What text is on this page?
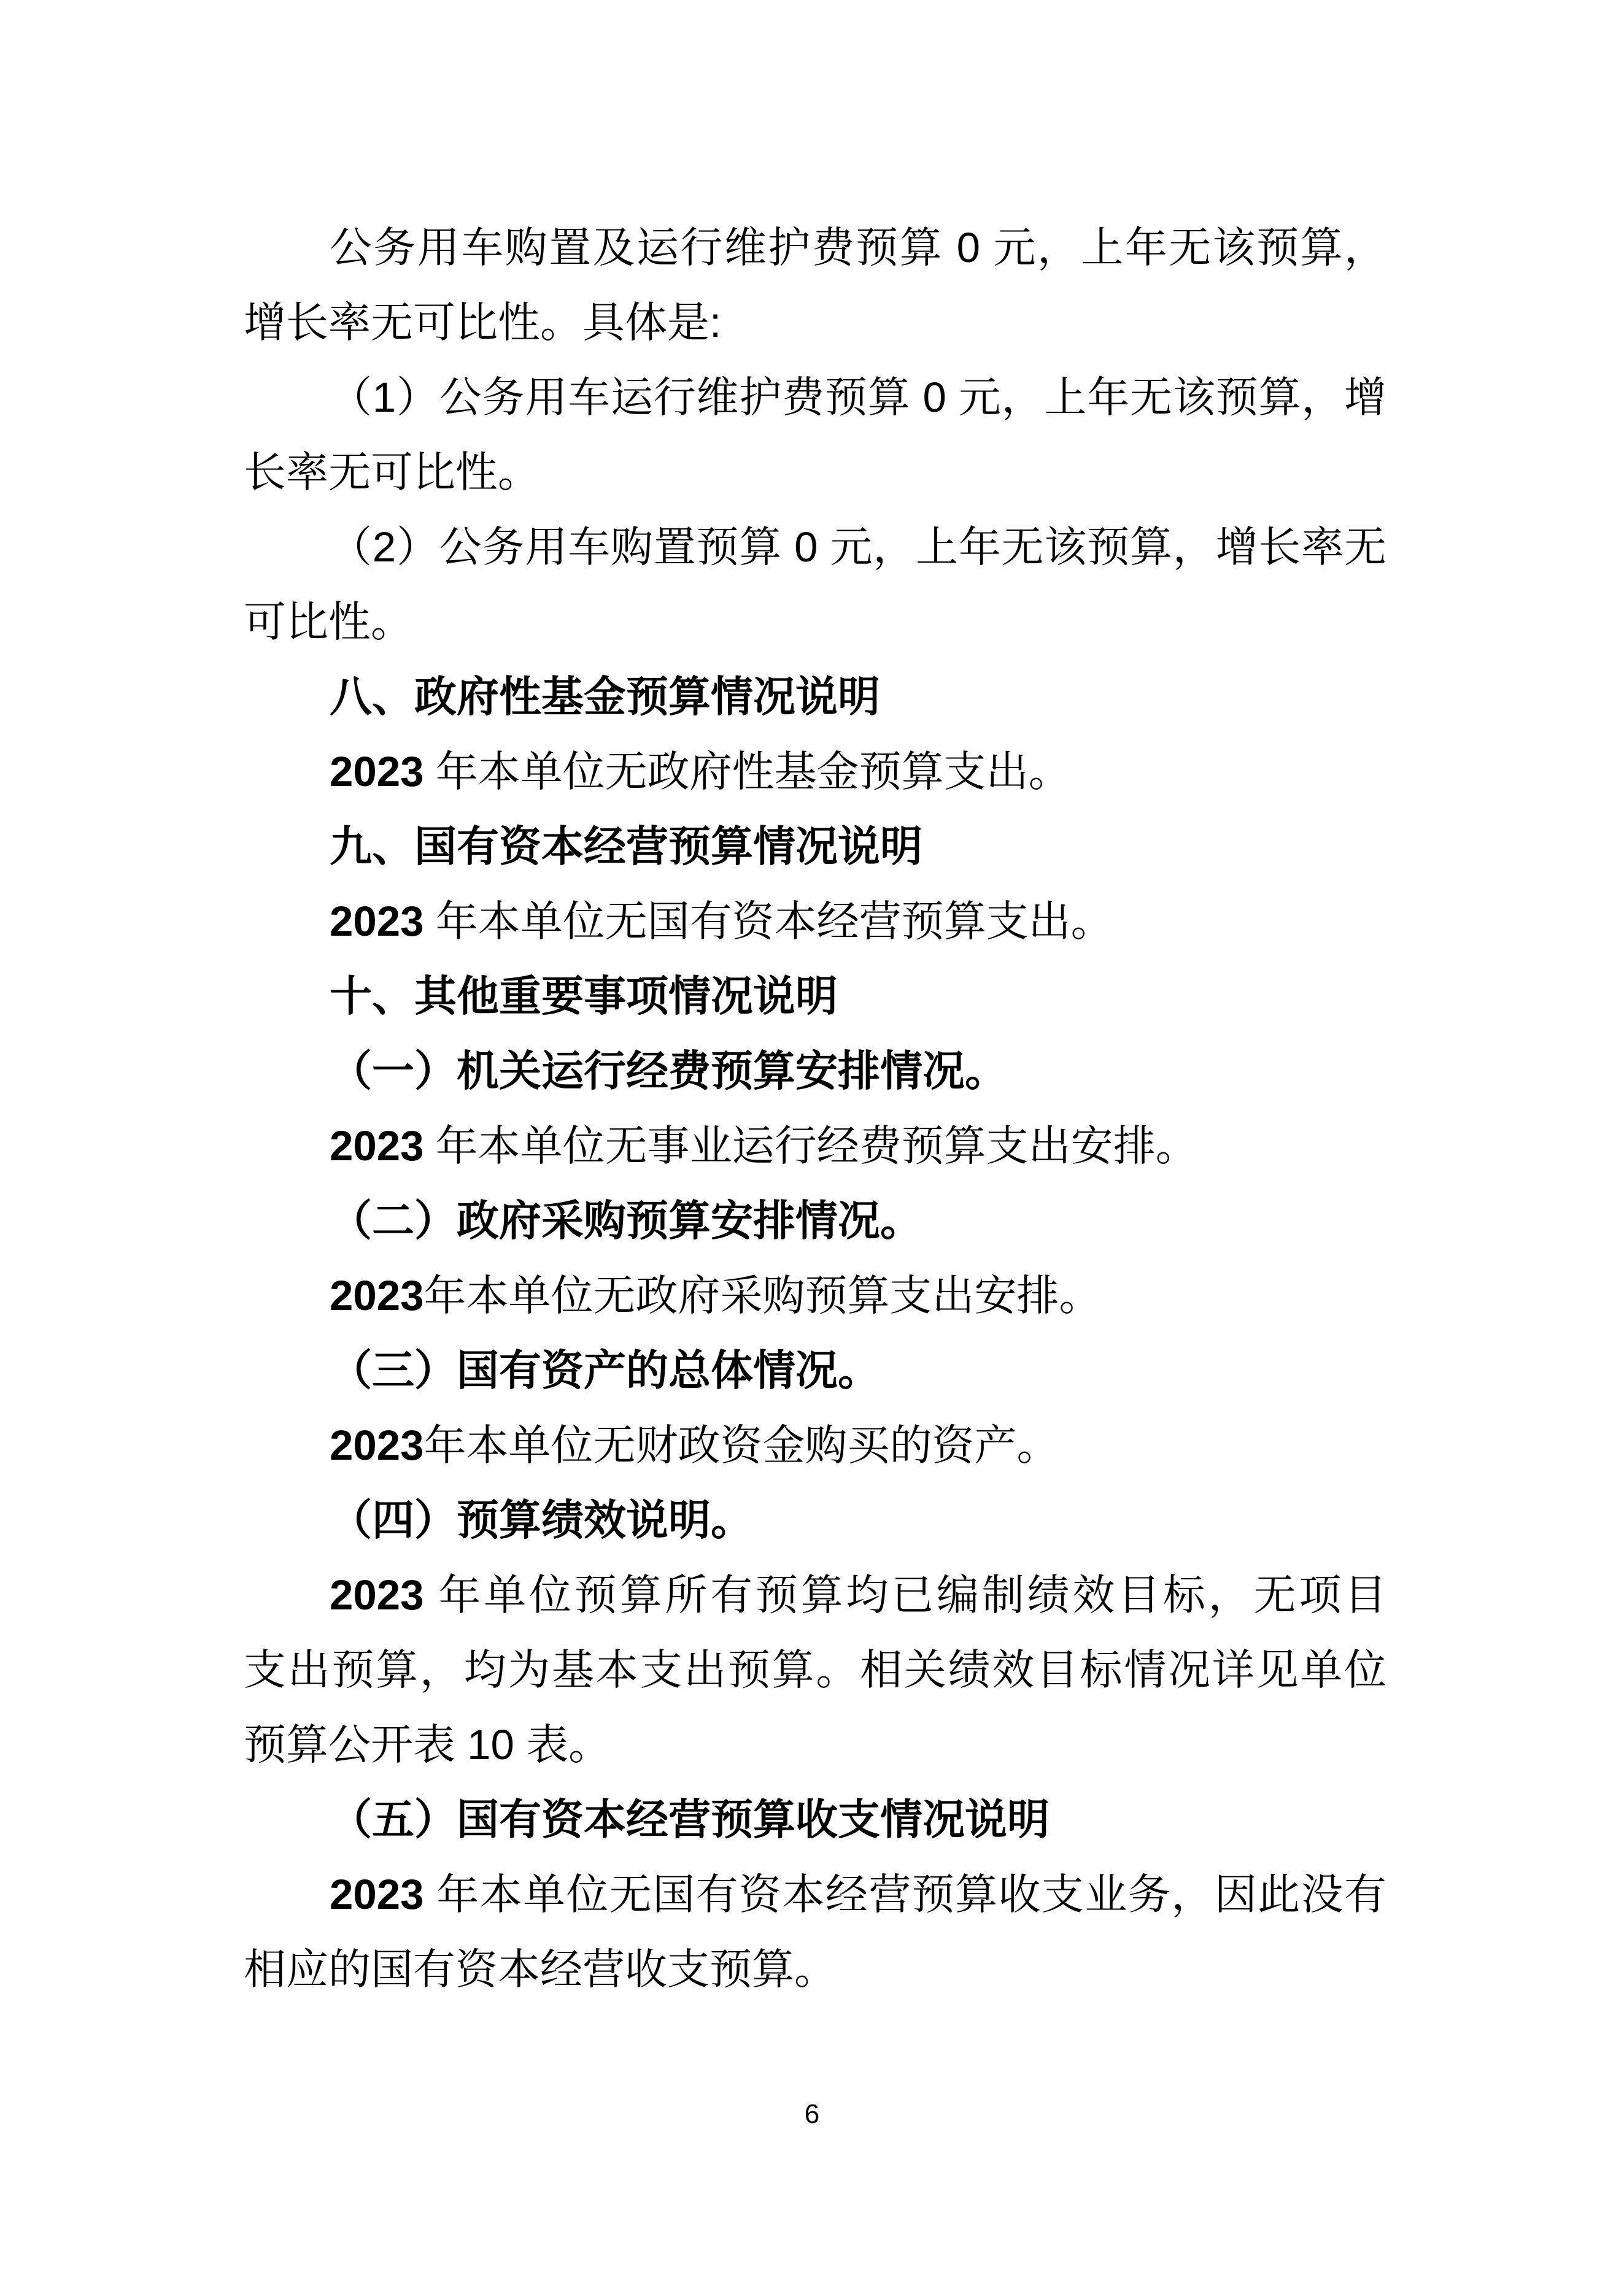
公务用车购置及运行维护费预算 0 元，上年无该预算，
增长率无可比性。具体是:
（1）公务用车运行维护费预算 0 元，上年无该预算，增
长率无可比性。
（2）公务用车购置预算 0 元，上年无该预算，增长率无
可比性。
八、政府性基金预算情况说明
2023 年本单位无政府性基金预算支出。
九、国有资本经营预算情况说明
2023 年本单位无国有资本经营预算支出。
十、其他重要事项情况说明
（一）机关运行经费预算安排情况。
2023 年本单位无事业运行经费预算支出安排。
（二）政府采购预算安排情况。
2023年本单位无政府采购预算支出安排。
（三）国有资产的总体情况。
2023年本单位无财政资金购买的资产。
（四）预算绩效说明。
2023 年单位预算所有预算均已编制绩效目标，无项目
支出预算，均为基本支出预算。相关绩效目标情况详见单位
预算公开表 10 表。
（五）国有资本经营预算收支情况说明
2023 年本单位无国有资本经营预算收支业务，因此没有
相应的国有资本经营收支预算。
6
